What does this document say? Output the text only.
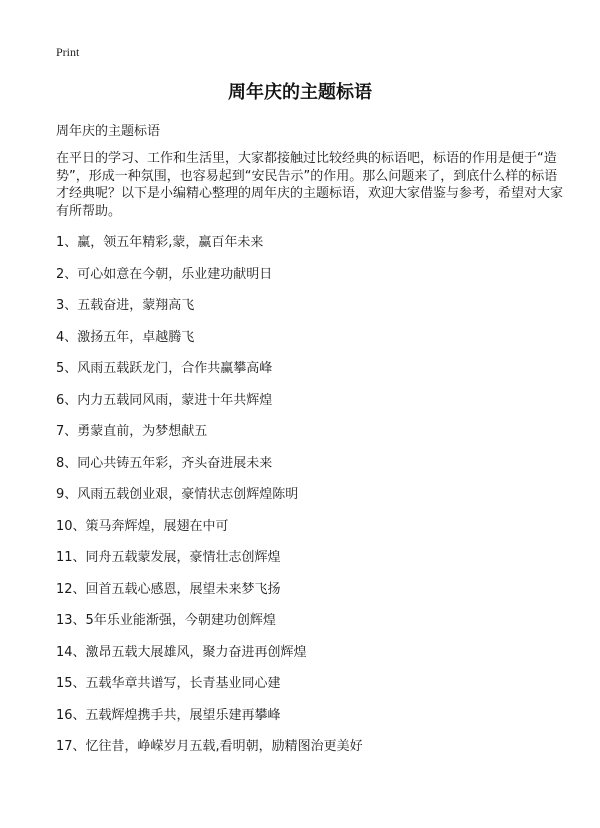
Print
周年庆的主题标语

周年庆的主题标语

在平日的学习、工作和生活里，大家都接触过比较经典的标语吧，标语的作用是便于“造势”，形成一种氛围，也容易起到“安民告示”的作用。那么问题来了，到底什么样的标语才经典呢？以下是小编精心整理的周年庆的主题标语，欢迎大家借鉴与参考，希望对大家有所帮助。

1、赢，领五年精彩,蒙，赢百年未来
2、可心如意在今朝，乐业建功献明日
3、五载奋进，蒙翔高飞
4、激扬五年，卓越腾飞
5、风雨五载跃龙门，合作共赢攀高峰
6、内力五载同风雨，蒙进十年共辉煌
7、勇蒙直前，为梦想献五
8、同心共铸五年彩，齐头奋进展未来
9、风雨五载创业艰，豪情状志创辉煌陈明
10、策马奔辉煌，展翅在中可
11、同舟五载蒙发展，豪情壮志创辉煌
12、回首五载心感恩，展望未来梦飞扬
13、5年乐业能渐强，今朝建功创辉煌
14、激昂五载大展雄风，聚力奋进再创辉煌
15、五载华章共谱写，长青基业同心建
16、五载辉煌携手共，展望乐建再攀峰
17、忆往昔，峥嵘岁月五载,看明朝，励精图治更美好
